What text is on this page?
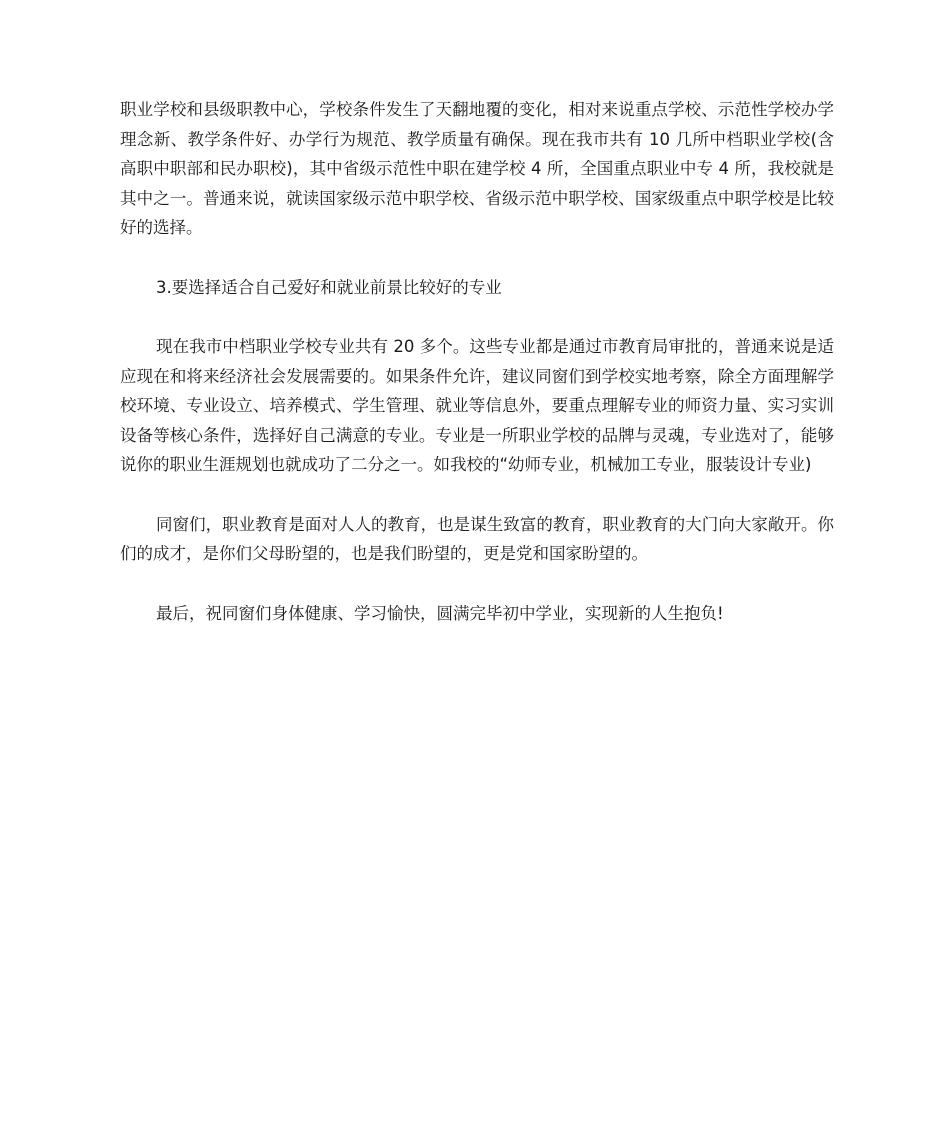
职业学校和县级职教中心，学校条件发生了天翻地覆的变化，相对来说重点学校、示范性学校办学理念新、教学条件好、办学行为规范、教学质量有确保。现在我市共有 10 几所中档职业学校(含高职中职部和民办职校)，其中省级示范性中职在建学校 4 所，全国重点职业中专 4 所，我校就是其中之一。普通来说，就读国家级示范中职学校、省级示范中职学校、国家级重点中职学校是比较好的选择。

3.要选择适合自己爱好和就业前景比较好的专业

现在我市中档职业学校专业共有 20 多个。这些专业都是通过市教育局审批的，普通来说是适应现在和将来经济社会发展需要的。如果条件允许，建议同窗们到学校实地考察，除全方面理解学校环境、专业设立、培养模式、学生管理、就业等信息外，要重点理解专业的师资力量、实习实训设备等核心条件，选择好自己满意的专业。专业是一所职业学校的品牌与灵魂，专业选对了，能够说你的职业生涯规划也就成功了二分之一。如我校的“幼师专业，机械加工专业，服装设计专业)

同窗们，职业教育是面对人人的教育，也是谋生致富的教育，职业教育的大门向大家敞开。你们的成才，是你们父母盼望的，也是我们盼望的，更是党和国家盼望的。

最后，祝同窗们身体健康、学习愉快，圆满完毕初中学业，实现新的人生抱负!
